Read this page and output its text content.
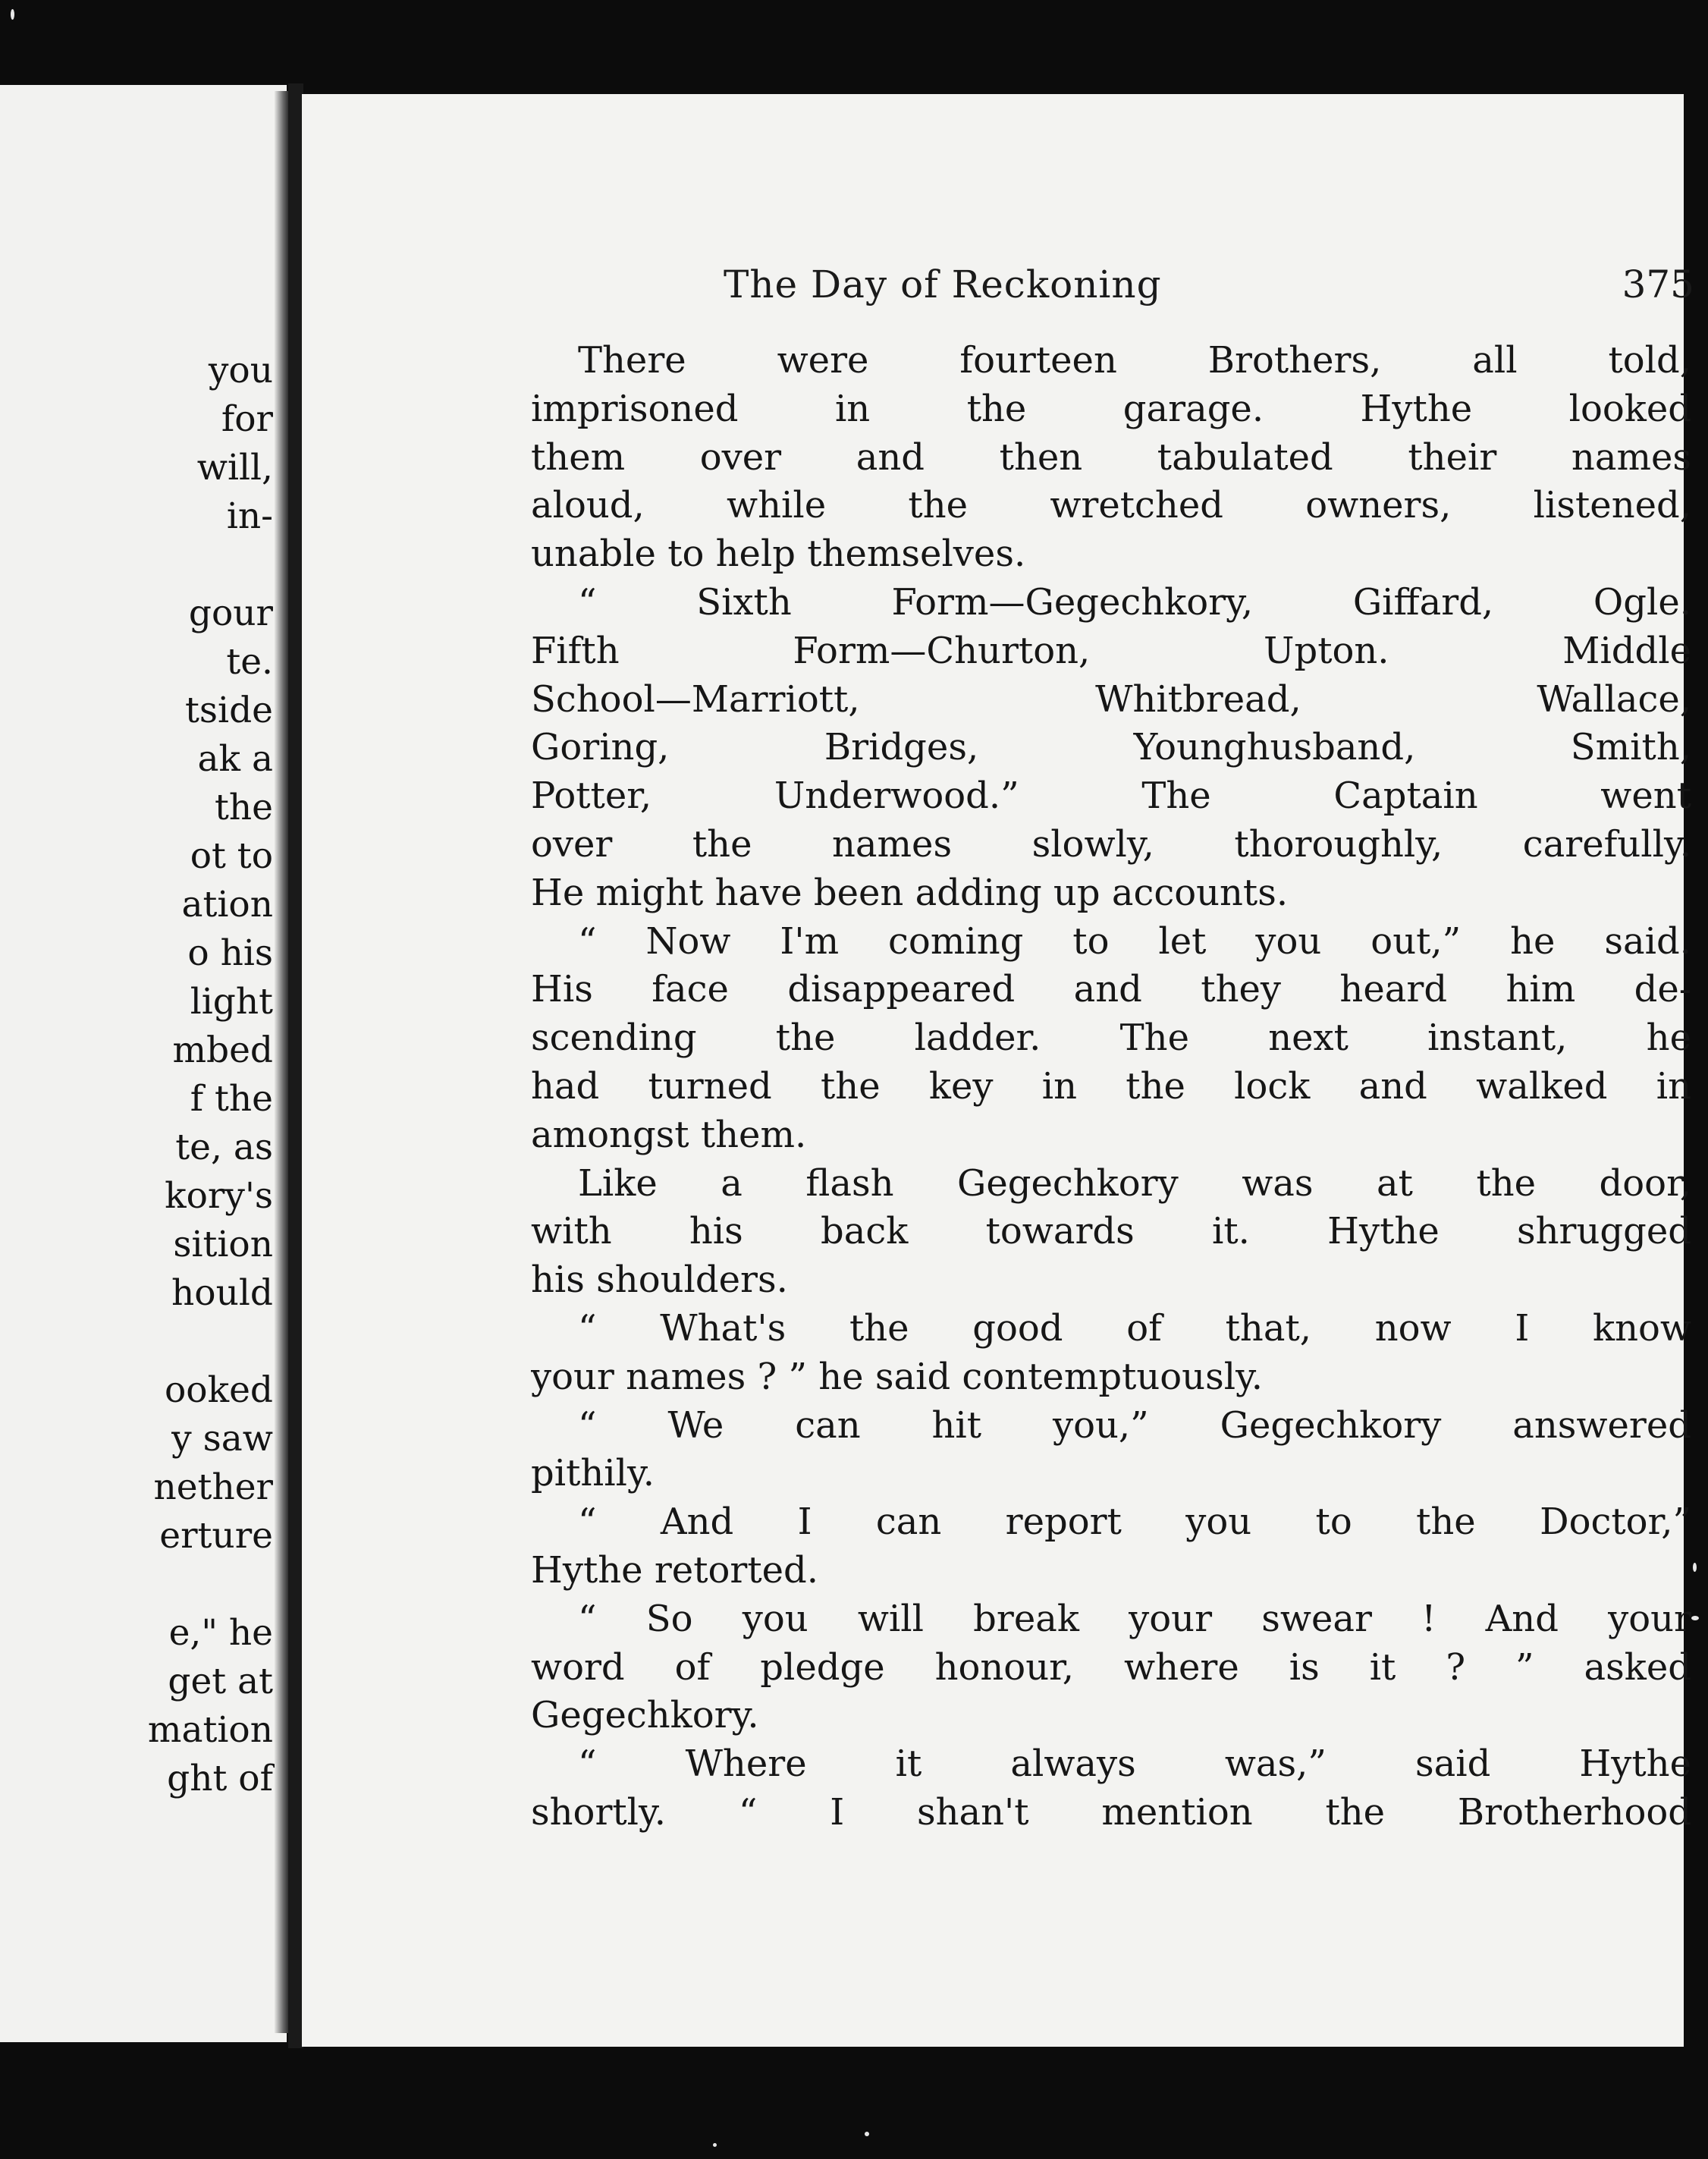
you
for
will,
in-
gour
te.
tside
ak a
the
ot to
ation
o his
light
mbed
f the
te, as
kory's
sition
hould
ooked
y saw
nether
erture
e," he
get at
mation
ght of
The Day of Reckoning	375
There were fourteen Brothers, all told,
imprisoned in the garage. Hythe looked
them over and then tabulated their names
aloud, while the wretched owners, listened,
unable to help themselves.
“ Sixth Form—Gegechkory, Giffard, Ogle.
Fifth Form—Churton, Upton. Middle
School—Marriott, Whitbread, Wallace,
Goring, Bridges, Younghusband, Smith,
Potter, Underwood.” The Captain went
over the names slowly, thoroughly, carefully.
He might have been adding up accounts.
“ Now I'm coming to let you out,” he said.
His face disappeared and they heard him de-
scending the ladder. The next instant, he
had turned the key in the lock and walked in
amongst them.
Like a flash Gegechkory was at the door,
with his back towards it. Hythe shrugged
his shoulders.
“ What's the good of that, now I know
your names ? ” he said contemptuously.
“ We can hit you,” Gegechkory answered
pithily.
“ And I can report you to the Doctor,”
Hythe retorted.
“ So you will break your swear ! And your
word of pledge honour, where is it ? ” asked
Gegechkory.
“ Where it always was,” said Hythe
shortly. “ I shan't mention the Brotherhood
